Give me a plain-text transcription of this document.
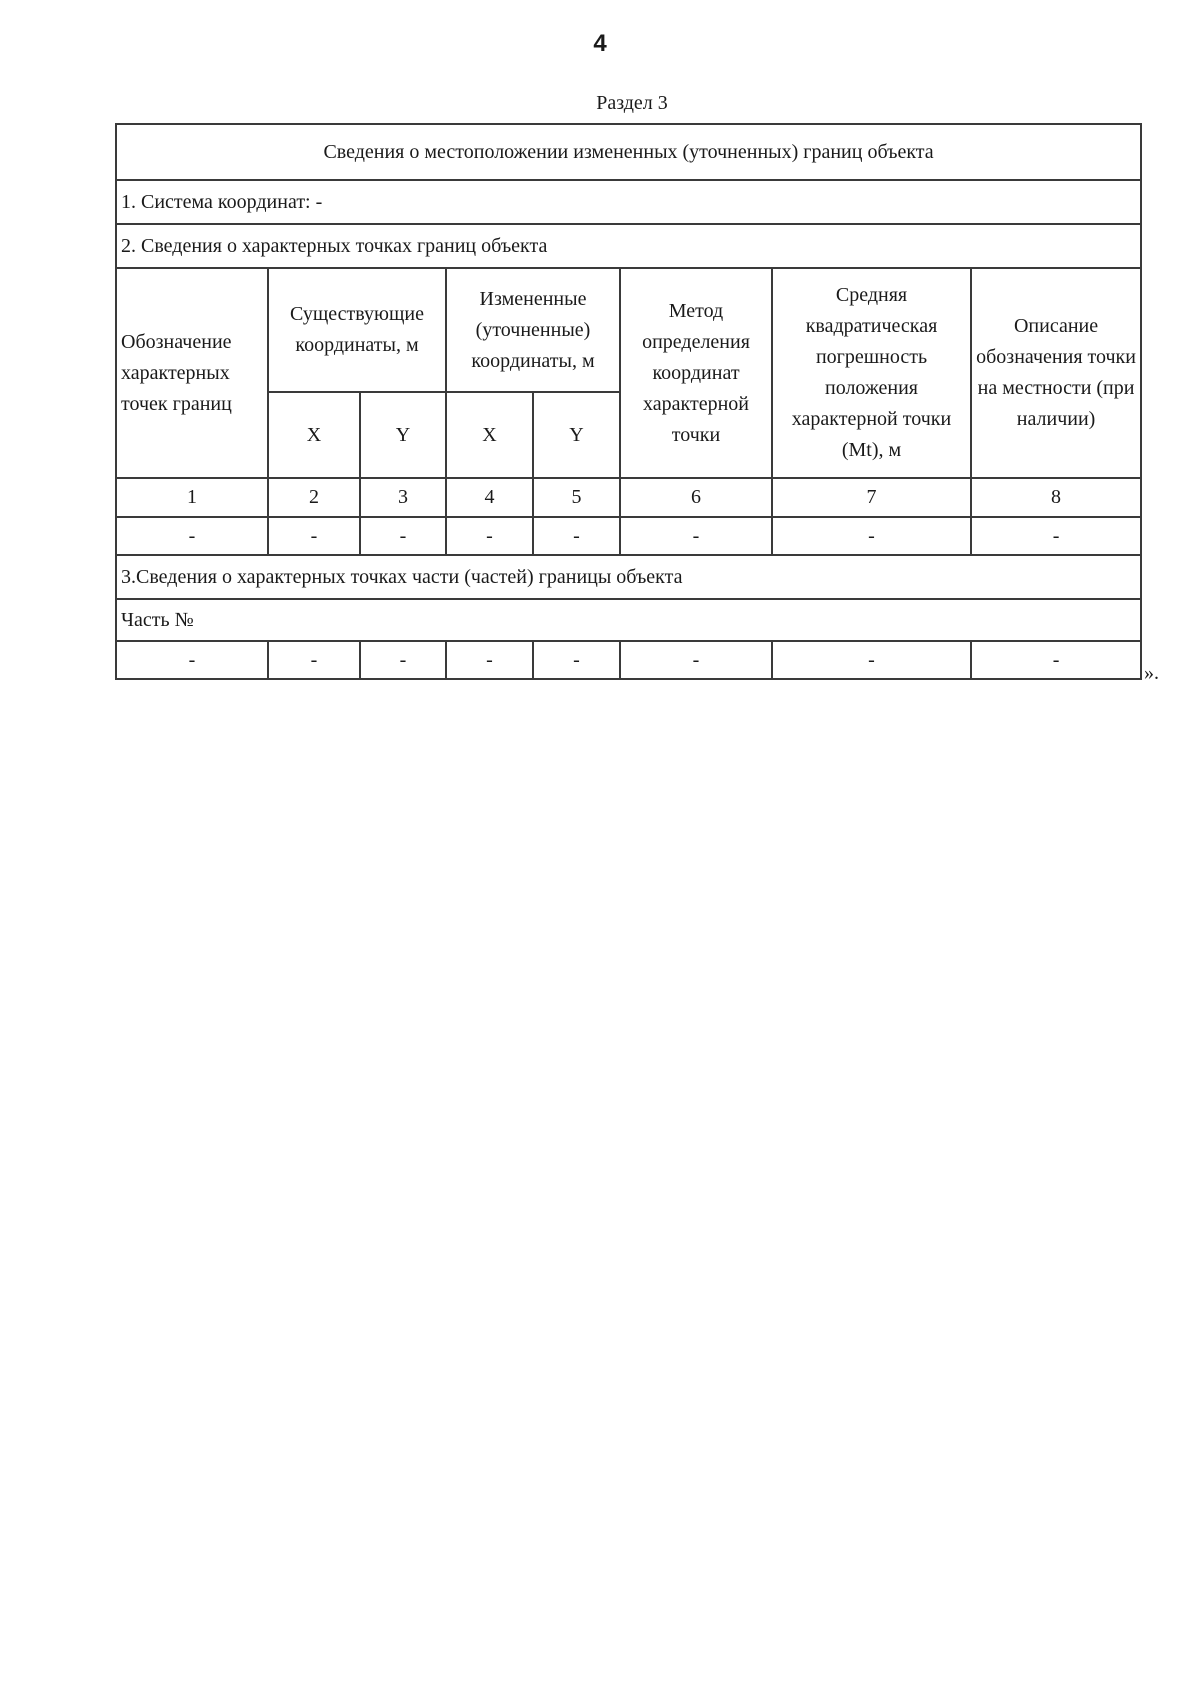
4
Раздел 3
Сведения о местоположении измененных (уточненных) границ объекта							
1. Система координат: -							
2. Сведения о характерных точках границ объекта							
Обозначение характерных точек границ	Существующие координаты, м		Измененные (уточненные) координаты, м		Метод определения координат характерной точки	Средняя квадратическая погрешность положения характерной точки (Mt), м	Описание обозначения точки на местности (при наличии)
	X	Y	X	Y			
1	2	3	4	5	6	7	8
-	-	-	-	-	-	-	-
3.Сведения о характерных точках части (частей) границы объекта							
Часть №							
-	-	-	-	-	-	-	-
».
